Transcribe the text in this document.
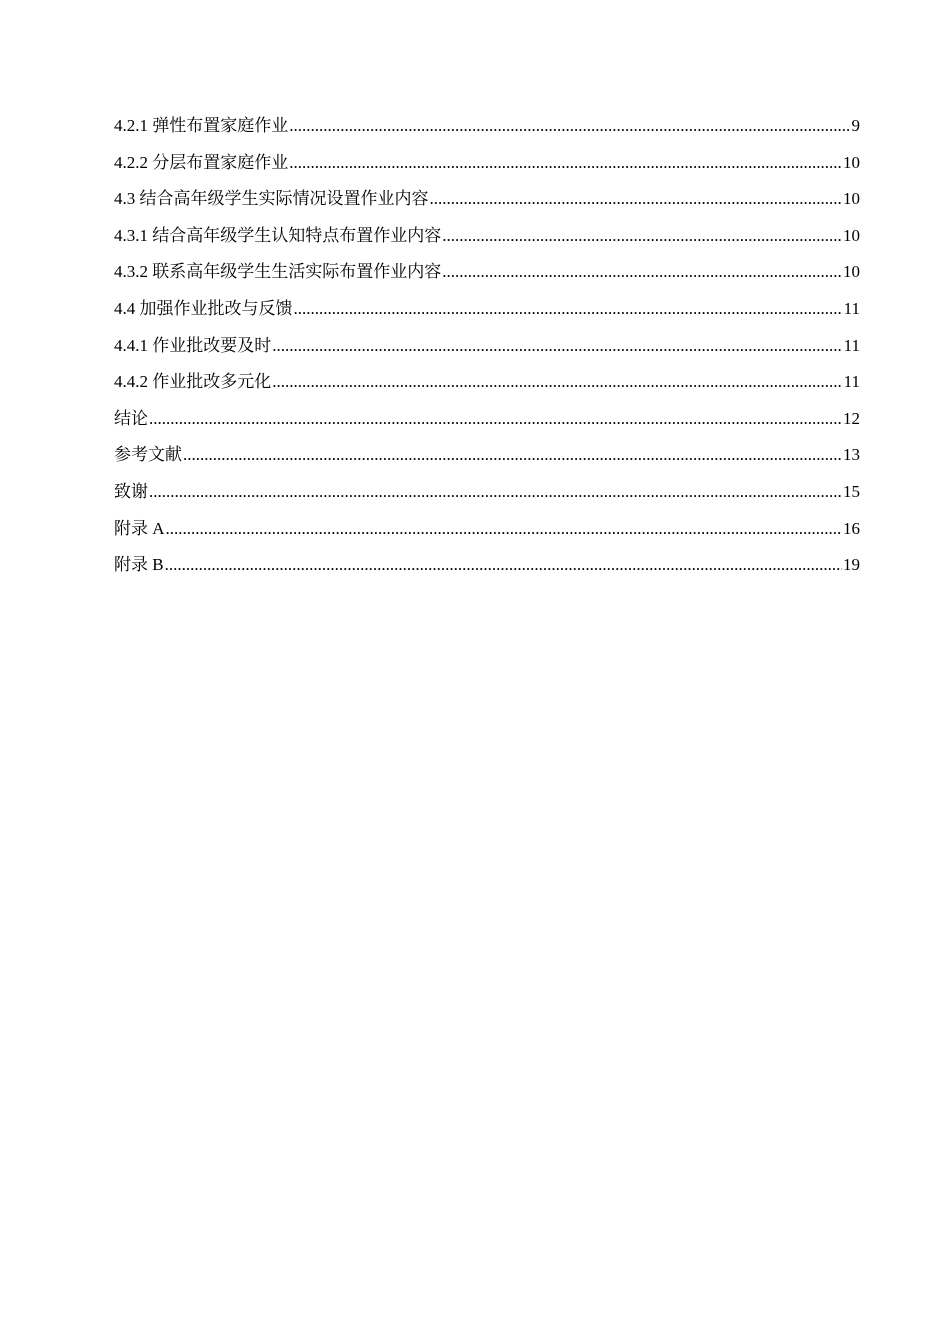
4.2.1 弹性布置家庭作业 .....	9
4.2.2 分层布置家庭作业 .....	10
4.3 结合高年级学生实际情况设置作业内容 .....	10
4.3.1 结合高年级学生认知特点布置作业内容 .....	10
4.3.2 联系高年级学生生活实际布置作业内容 .....	10
4.4 加强作业批改与反馈 .....	11
4.4.1 作业批改要及时 .....	11
4.4.2 作业批改多元化 .....	11
结论 .....	12
参考文献 .....	13
致谢 .....	15
附录 A .....	16
附录 B .....	19
